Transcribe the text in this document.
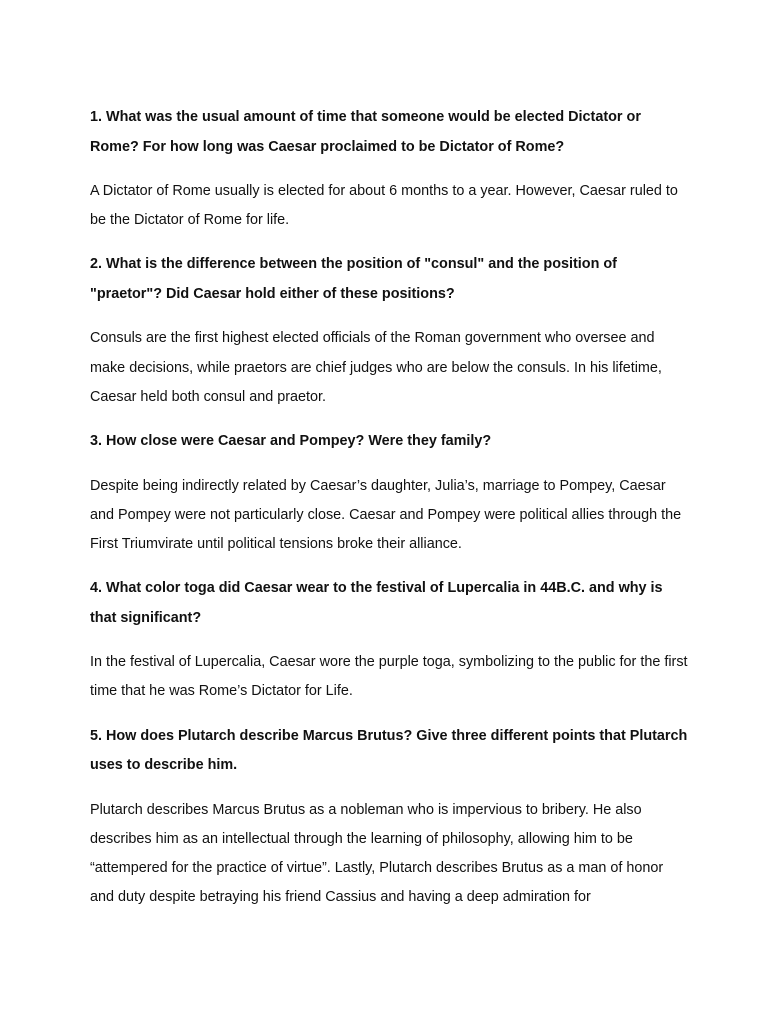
1. What was the usual amount of time that someone would be elected Dictator or Rome? For how long was Caesar proclaimed to be Dictator of Rome?

A Dictator of Rome usually is elected for about 6 months to a year. However, Caesar ruled to be the Dictator of Rome for life.

2. What is the difference between the position of "consul" and the position of "praetor"? Did Caesar hold either of these positions?

Consuls are the first highest elected officials of the Roman government who oversee and make decisions, while praetors are chief judges who are below the consuls. In his lifetime, Caesar held both consul and praetor.

3. How close were Caesar and Pompey? Were they family?

Despite being indirectly related by Caesar’s daughter, Julia’s, marriage to Pompey, Caesar and Pompey were not particularly close. Caesar and Pompey were political allies through the First Triumvirate until political tensions broke their alliance.

4. What color toga did Caesar wear to the festival of Lupercalia in 44B.C. and why is that significant?

In the festival of Lupercalia, Caesar wore the purple toga, symbolizing to the public for the first time that he was Rome’s Dictator for Life.

5. How does Plutarch describe Marcus Brutus? Give three different points that Plutarch uses to describe him.

Plutarch describes Marcus Brutus as a nobleman who is impervious to bribery. He also describes him as an intellectual through the learning of philosophy, allowing him to be “attempered for the practice of virtue”. Lastly, Plutarch describes Brutus as a man of honor and duty despite betraying his friend Cassius and having a deep admiration for
